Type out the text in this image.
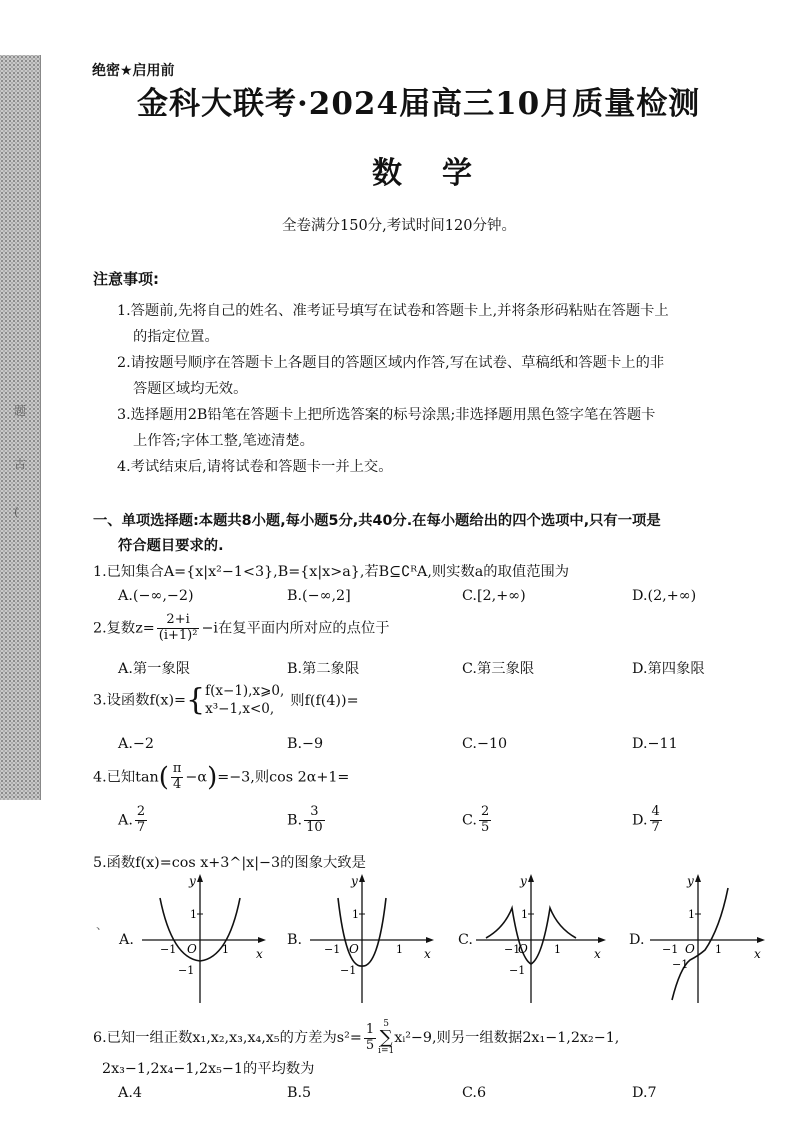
题
古
(
、
绝密★启用前
金科大联考·2024届高三10月质量检测
数学
全卷满分150分,考试时间120分钟。
注意事项:
1.答题前,先将自己的姓名、准考证号填写在试卷和答题卡上,并将条形码粘贴在答题卡上
的指定位置。
2.请按题号顺序在答题卡上各题目的答题区域内作答,写在试卷、草稿纸和答题卡上的非
答题区域均无效。
3.选择题用2B铅笔在答题卡上把所选答案的标号涂黑;非选择题用黑色签字笔在答题卡
上作答;字体工整,笔迹清楚。
4.考试结束后,请将试卷和答题卡一并上交。
一、单项选择题:本题共8小题,每小题5分,共40分.在每小题给出的四个选项中,只有一项是
符合题目要求的.
1.已知集合A={x|x²−1<3},B={x|x>a},若B⊆∁ᴿA,则实数a的取值范围为
A.(−∞,−2)	B.(−∞,2]	C.[2,+∞)	D.(2,+∞)
2.复数$z= \frac{2+i}{\text{(i+1)²}} -i$在复平面内所对应的点位于
A.第一象限	B.第二象限	C.第三象限	D.第四象限
3.设函数f(x)={ f(x−1),x⩾0,
x³−1,x<0,	则f(f(4))=
A.−2	B.−9	C.−10	D.−11
4.已知$\tan( \frac{\pi}{4} -\alpha)=-3$,则cos 2α+1=
A. $\frac{2}{7}$	B. $\frac{3}{10}$	C. $\frac{2}{5}$	D. $\frac{4}{7}$
5.函数f(x)=cos x+3^|x|−3的图象大致是
A.	B.	C.	D.
y
x
1
O
−1	1
−1
y
x
1
O
−1	1
−1
y
x
1
O
−1	1
−1
y
x
1
O
−1	1
−1
6.已知一组正数x₁,x₂,x₃,x₄,x₅的方差为$s^2= \frac{1}{5} 5$
∑
i=1
xᵢ²−9,则另一组数据2x₁−1,2x₂−1,
2x₃−1,2x₄−1,2x₅−1的平均数为
A.4	B.5	C.6	D.7
